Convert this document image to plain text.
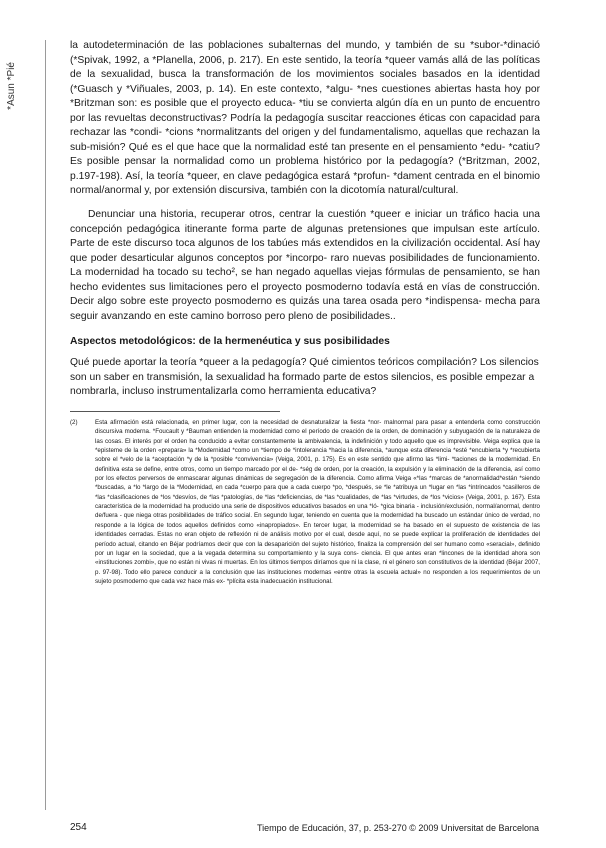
*Asun *Pié

la autodeterminación de las poblaciones subalternas del mundo, y también de su *subor-*dinació (*Spivak, 1992, a *Planella, 2006, p. 217). En este sentido, la teoría *queer vamás allá de las políticas de la sexualidad, busca la transformación de los movimientos sociales basados en la identidad (*Guasch y *Viñuales, 2003, p. 14). En este contexto, *algu- *nes cuestiones abiertas hasta hoy por *Britzman son: es posible que el proyecto educa- *tiu se convierta algún día en un punto de encuentro por las revueltas deconstructivas? Podría la pedagogía suscitar reacciones éticas con capacidad para rechazar las *condi- *cions *normalitzants del origen y del fundamentalismo, aquellas que rechazan la sub-misión? Qué es el que hace que la normalidad esté tan presente en el pensamiento *edu- *catiu? Es posible pensar la normalidad como un problema histórico por la pedagogía? (*Britzman, 2002, p.197-198). Así, la teoría *queer, en clave pedagógica estará *profun- *dament centrada en el binomio normal/anormal y, por extensión discursiva, también con la dicotomía natural/cultural.

Denunciar una historia, recuperar otros, centrar la cuestión *queer e iniciar un tráfico hacia una concepción pedagógica itinerante forma parte de algunas pretensiones que impulsan este artículo. Parte de este discurso toca algunos de los tabúes más extendidos en la civilización occidental. Así hay que poder desarticular algunos conceptos por *incorpo- rarо nuevas posibilidades de funcionamiento. La modernidad ha tocado su techo², se han negado aquellas viejas fórmulas de pensamiento, se han hecho evidentes sus limitaciones pero el proyecto posmoderno todavía está en vías de construcción. Decir algo sobre este proyecto posmoderno es quizás una tarea osada pero *indispensa- mecha para seguir avanzando en este camino borroso pero pleno de posibilidades..

Aspectos metodológicos: de la hermenéutica y sus posibilidades

Qué puede aportar la teoría *queer a la pedagogía? Qué cimientos teóricos compilación? Los silencios son un saber en transmisión, la sexualidad ha formado parte de estos silencios, es posible empezar a nombrarla, incluso instrumentalizarla como herramienta educativa?

(2)	Esta afirmación está relacionada, en primer lugar, con la necesidad de desnaturalizar la fiesta *nor- malnormal para pasar a entenderla como construcción discursiva moderna. *Foucault y *Bauman entienden la modernidad como el período de creación de la orden, de dominación y subyugación de la naturaleza de las cosas. El interés por el orden ha conducido a evitar constantemente la ambivalencia, la indefinición y todo aquello que es imprevisible. Veiga explica que la *episteme de la orden «prepara» la *Modernidad *como un *tiempo de *intolerancia *hacia la diferencia, *aunque esta diferencia *esté *encubierta *y *recubierta sobre el *velo de la *aceptación *y de la *posible *convivencia» (Veiga, 2001, p. 175). Es en este sentido que afirmo las *limi- *taciones de la modernidad. En definitiva esta se define, entre otros, como un tiempo marcado por el de- *ség de orden, por la creación, la expulsión y la eliminación de la diferencia, así como por los efectos perversos de enmascarar algunas dinámicas de segregación de la diferencia. Como afirma Veiga «*las *marcas de *anormalidad*están *siendo *buscadas, a *lo *largo de la *Modernidad, en cada *cuerpo para que a cada cuerpo *po, *después, se *le *atribuya un *lugar en *las *intrincados *casilleros de *las *clasificaciones de *los *desvíos, de *las *patologías, de *las *deficiencias, de *las *cualidades, de *las *virtudes, de *los *vicios» (Veiga, 2001, p. 167). Esta característica de la modernidad ha producido una serie de dispositivos educativos basados en una *ló- *gica binaria - inclusión/exclusión, normal/anormal, dentro de/fuera - que niega otras posibilidades de tráfico social. En segundo lugar, teniendo en cuenta que la modernidad ha buscado un estándar único de verdad, no responde a la lógica de todos aquellos definidos como «inapropiados». En tercer lugar, la modernidad se ha basado en el supuesto de existencia de las identidades cerradas. Estas no eran objeto de reflexión ni de análisis motivo por el cual, desde aquí, no se puede explicar la proliferación de identidades del período actual, citando en Béjar podríamos decir que con la desaparición del sujeto histórico, finaliza la comprensión del ser humano como «seracial», definido por un lugar en la sociedad, que a la vegada determina su comportamiento y la suya cons- ciencia. El que antes eran *lincones de la identidad ahora son «instituciones zombi», que no están ni vivas ni muertas. En los últimos tiempos diríamos que ni la clase, ni el género son constitutivos de la identidad (Béjar 2007, p. 97-98). Todo ello parece conducir a la conclusión que las instituciones modernas «entre otras la escuela actual» no responden a los requerimientos de un sujeto posmoderno que cada vez hace más ex- *plícita esta inadecuación institucional.
254	Tiempo de Educación, 37, p. 253-270 © 2009 Universitat de Barcelona
